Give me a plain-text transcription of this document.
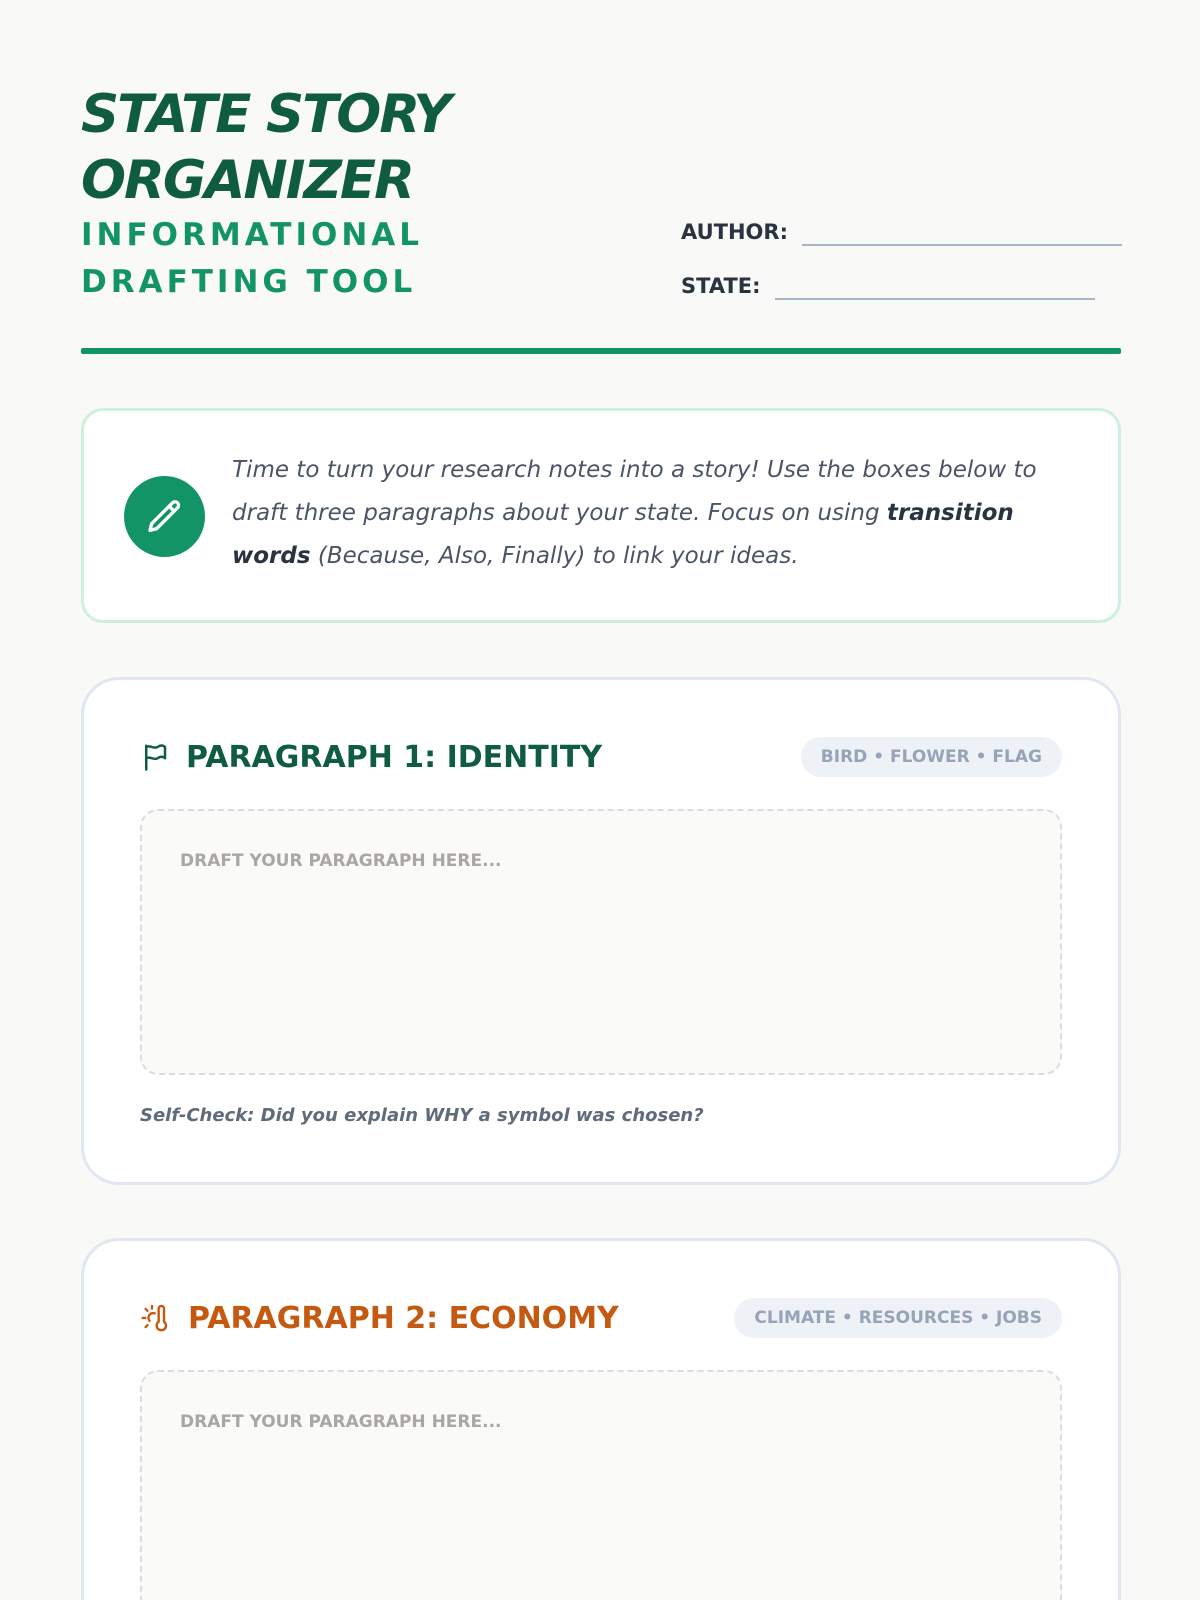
STATE STORY ORGANIZER
INFORMATIONAL DRAFTING TOOL
AUTHOR:
STATE:

Time to turn your research notes into a story! Use the boxes below to draft three paragraphs about your state. Focus on using transition words (Because, Also, Finally) to link your ideas.

PARAGRAPH 1: IDENTITY	BIRD • FLOWER • FLAG
Draft your paragraph here...
Self-Check: Did you explain WHY a symbol was chosen?
PARAGRAPH 2: ECONOMY	CLIMATE • RESOURCES • JOBS
Draft your paragraph here...
